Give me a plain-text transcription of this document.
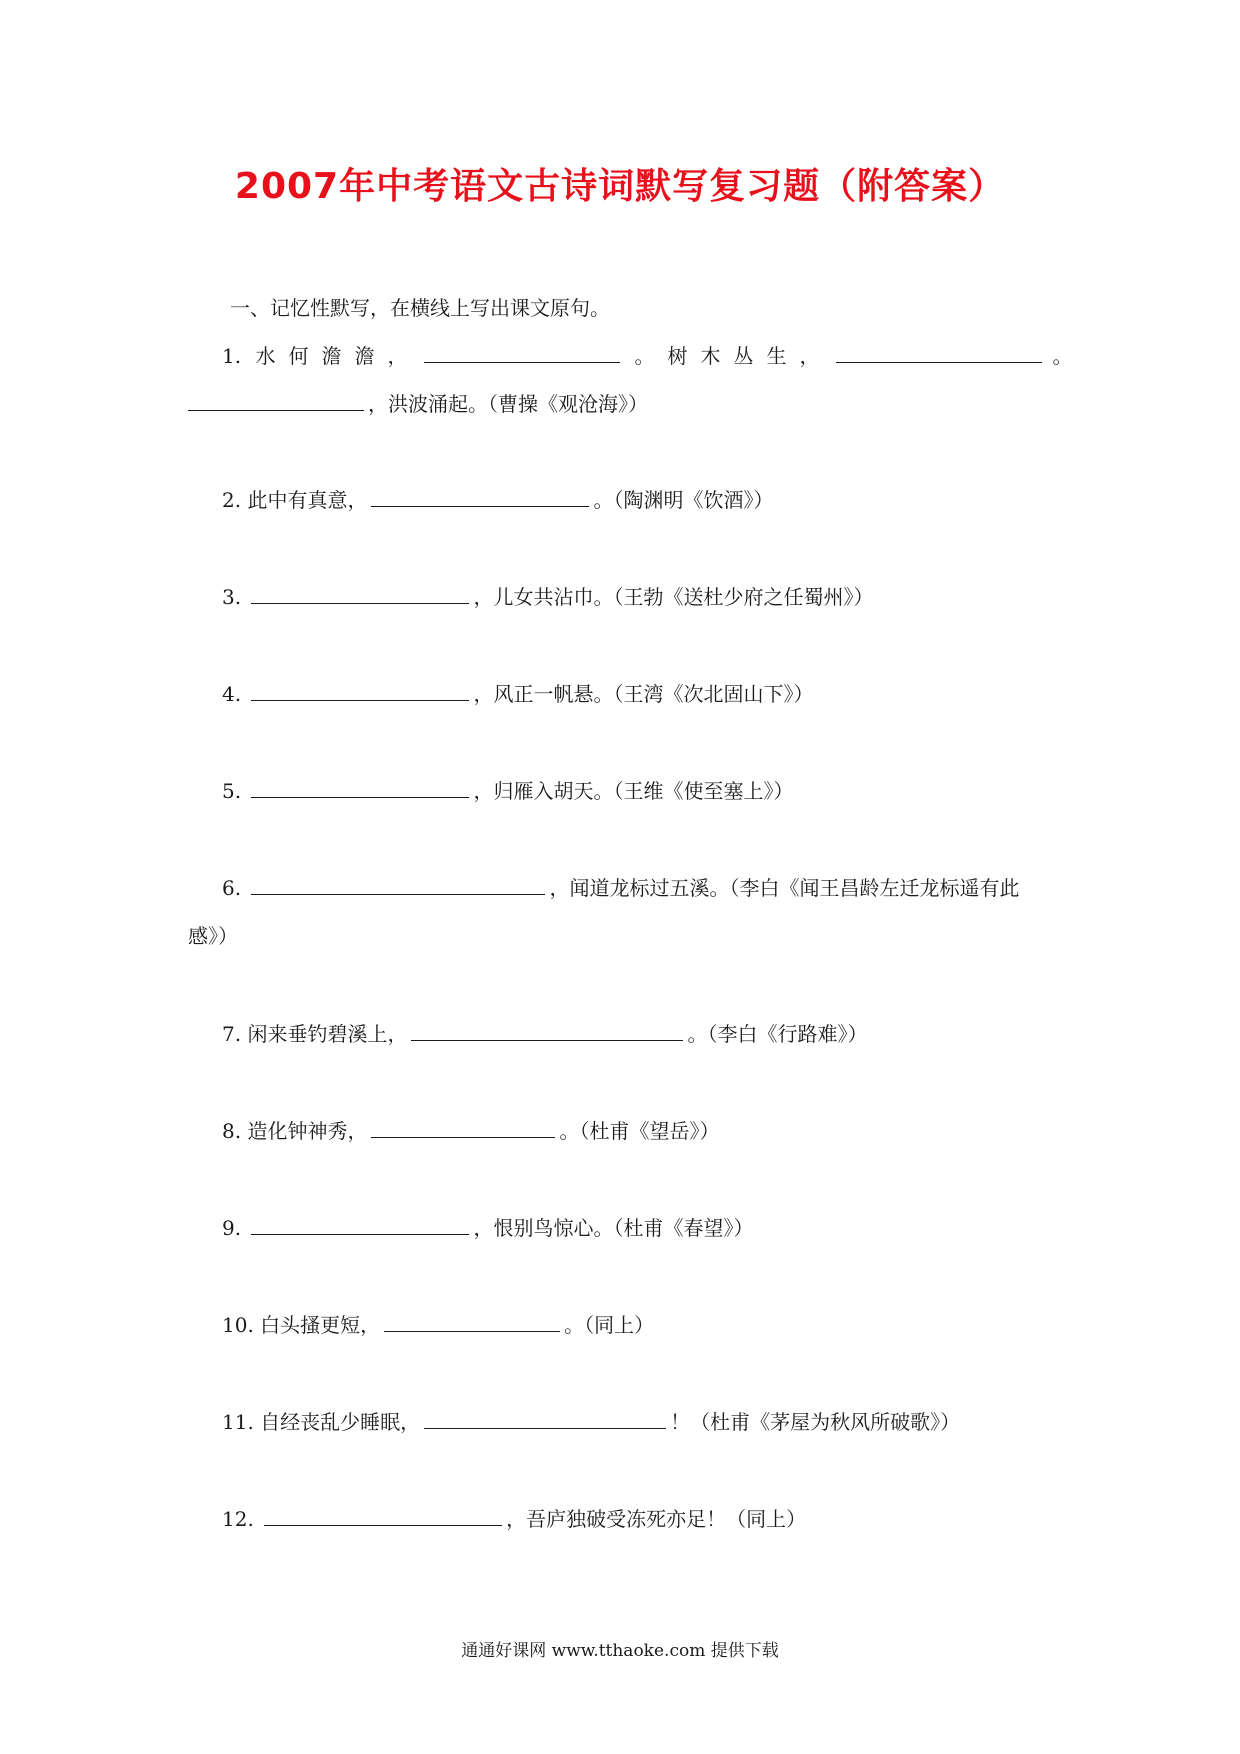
2007年中考语文古诗词默写复习题（附答案）
一、记忆性默写，在横线上写出课文原句。
1. 水何澹澹，	。树木丛生，	。
，洪波涌起。（曹操《观沧海》）
2. 此中有真意，	。（陶渊明《饮酒》）
3.	，儿女共沾巾。（王勃《送杜少府之任蜀州》）
4.	，风正一帆悬。（王湾《次北固山下》）
5.	，归雁入胡天。（王维《使至塞上》）
6.	，闻道龙标过五溪。（李白《闻王昌龄左迁龙标遥有此
感》）
7. 闲来垂钓碧溪上，	。（李白《行路难》）
8. 造化钟神秀，	。（杜甫《望岳》）
9.	，恨别鸟惊心。（杜甫《春望》）
10. 白头搔更短，	。（同上）
11. 自经丧乱少睡眠，	！（杜甫《茅屋为秋风所破歌》）
12.	，吾庐独破受冻死亦足！（同上）
通通好课网 www.tthaoke.com 提供下载
